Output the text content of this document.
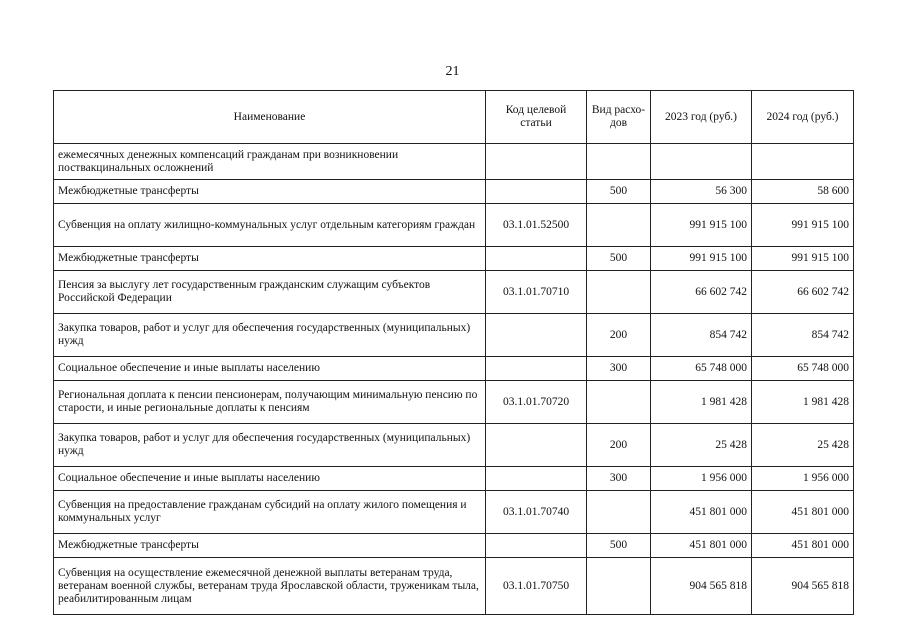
21
Наименование	Код целевой статьи	Вид расхо-дов	2023 год (руб.)	2024 год (руб.)
ежемесячных денежных компенсаций гражданам при возникновении поствакцинальных осложнений				
Межбюджетные трансферты		500	56 300	58 600
Субвенция на оплату жилищно-коммунальных услуг отдельным категориям граждан	03.1.01.52500		991 915 100	991 915 100
Межбюджетные трансферты		500	991 915 100	991 915 100
Пенсия за выслугу лет государственным гражданским служащим субъектов Российской Федерации	03.1.01.70710		66 602 742	66 602 742
Закупка товаров, работ и услуг для обеспечения государственных (муниципальных) нужд		200	854 742	854 742
Социальное обеспечение и иные выплаты населению		300	65 748 000	65 748 000
Региональная доплата к пенсии пенсионерам, получающим минимальную пенсию по старости, и иные региональные доплаты к пенсиям	03.1.01.70720		1 981 428	1 981 428
Закупка товаров, работ и услуг для обеспечения государственных (муниципальных) нужд		200	25 428	25 428
Социальное обеспечение и иные выплаты населению		300	1 956 000	1 956 000
Субвенция на предоставление гражданам субсидий на оплату жилого помещения и коммунальных услуг	03.1.01.70740		451 801 000	451 801 000
Межбюджетные трансферты		500	451 801 000	451 801 000
Субвенция на осуществление ежемесячной денежной выплаты ветеранам труда, ветеранам военной службы, ветеранам труда Ярославской области, труженикам тыла, реабилитированным лицам	03.1.01.70750		904 565 818	904 565 818
